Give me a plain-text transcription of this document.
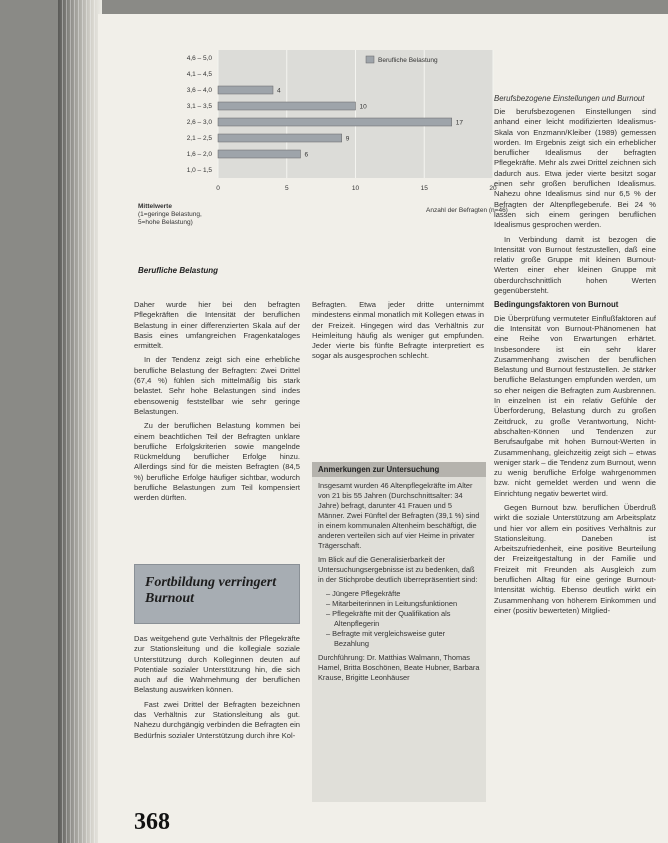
4
10
17
9
6
4,6 – 5,0
4,1 – 4,5
3,6 – 4,0
3,1 – 3,5
2,6 – 3,0
2,1 – 2,5
1,6 – 2,0
1,0 – 1,5
0	5	10	15	20
Berufliche Belastung
Mittelwerte
(1=geringe Belastung,
5=hohe Belastung)
Anzahl der Befragten (n=46)
Berufliche Belastung

Daher wurde hier bei den befragten Pflegekräften die Intensität der beruflichen Belastung in einer differenzierten Skala auf der Basis eines umfangreichen Fragenkataloges ermittelt.

In der Tendenz zeigt sich eine erhebliche berufliche Belastung der Befragten: Zwei Drittel (67,4 %) fühlen sich mittelmäßig bis stark belastet. Sehr hohe Belastungen sind indes ebensowenig feststellbar wie sehr geringe Belastungen.

Zu der beruflichen Belastung kommen bei einem beachtlichen Teil der Befragten unklare berufliche Erfolgskriterien sowie mangelnde Rückmeldung beruflicher Erfolge hinzu. Allerdings sind für die meisten Befragten (84,5 %) berufliche Erfolge häufiger sichtbar, wodurch berufliche Belastungen zum Teil kompensiert werden dürften.

Befragten. Etwa jeder dritte unternimmt mindestens einmal monatlich mit Kollegen etwas in der Freizeit. Hingegen wird das Verhältnis zur Heimleitung häufig als weniger gut empfunden. Jeder vierte bis fünfte Befragte interpretiert es sogar als ausgesprochen schlecht.

Fortbildung verringert
Burnout

Das weitgehend gute Verhältnis der Pflegekräfte zur Stationsleitung und die kollegiale soziale Unterstützung durch Kolleginnen deuten auf Potentiale sozialer Unterstützung hin, die sich auch auf die Wahrnehmung der beruflichen Belastung auswirken können.

Fast zwei Drittel der Befragten bezeichnen das Verhältnis zur Stationsleitung als gut. Nahezu durchgängig verbinden die Befragten ein Bedürfnis sozialer Unterstützung durch ihre Kol-

Anmerkungen zur Untersuchung

Insgesamt wurden 46 Altenpflegekräfte im Alter von 21 bis 55 Jahren (Durchschnittsalter: 34 Jahre) befragt, darunter 41 Frauen und 5 Männer. Zwei Fünftel der Befragten (39,1 %) sind in einem kommunalen Altenheim beschäftigt, die anderen verteilen sich auf vier Heime in privater Trägerschaft.

Im Blick auf die Generalisierbarkeit der Untersuchungsergebnisse ist zu bedenken, daß in der Stichprobe deutlich überrepräsentiert sind:

– Jüngere Pflegekräfte
– Mitarbeiterinnen in Leitungsfunktionen
– Pflegekräfte mit der Qualifikation als Altenpflegerin
– Befragte mit vergleichsweise guter Bezahlung

Durchführung: Dr. Matthias Walmann, Thomas Hamel, Britta Boschönen, Beate Hubner, Barbara Krause, Brigitte Leonhäuser

Berufsbezogene Einstellungen und Burnout

Die berufsbezogenen Einstellungen sind anhand einer leicht modifizierten Idealismus-Skala von Enzmann/Kleiber (1989) gemessen worden. Im Ergebnis zeigt sich ein erheblicher beruflicher Idealismus der befragten Pflegekräfte. Mehr als zwei Drittel zeichnen sich dadurch aus. Etwa jeder vierte besitzt sogar einen sehr großen beruflichen Idealismus. Nahezu ohne Idealismus sind nur 6,5 % der Befragten der Altenpflegeberufe. Bei 24 % lassen sich einem geringen beruflichen Idealismus gesprochen werden.

In Verbindung damit ist bezogen die Intensität von Burnout festzustellen, daß eine relativ große Gruppe mit kleinen Burnout-Werten einer eher kleinen Gruppe mit überdurchschnittlich hohen Werten gegenübersteht.

Bedingungsfaktoren von Burnout

Die Überprüfung vermuteter Einflußfaktoren auf die Intensität von Burnout-Phänomenen hat eine Reihe von Erwartungen erhärtet. Insbesondere ist ein sehr klarer Zusammenhang zwischen der beruflichen Belastung und Burnout festzustellen. Je stärker berufliche Belastungen empfunden werden, um so eher neigen die Befragten zum Ausbrennen. In einzelnen ist ein relativ Gefühle der Überforderung, Belastung durch zu großen Zeitdruck, zu große Verantwortung, Nicht-abschalten-Können und Tendenzen zur Berufsaufgabe mit hohen Burnout-Werten in Zusammenhang, gleichzeitig zeigt sich – etwas weniger stark – die Tendenz zum Burnout, wenn zu wenig berufliche Erfolge wahrgenommen bzw. nicht gemeldet werden und wenn die Einrichtung negativ bewertet wird.

Gegen Burnout bzw. beruflichen Überdruß wirkt die soziale Unterstützung am Arbeitsplatz und hier vor allem ein positives Verhältnis zur Stationsleitung. Daneben ist Arbeitszufriedenheit, eine positive Beurteilung der Freizeitgestaltung in der Familie und Freizeit mit Freunden als Ausgleich zum beruflichen Alltag für eine geringe Burnout-Intensität wichtig. Ebenso deutlich wirkt ein Zusammenhang von höherem Einkommen und einer (positiv bewerteten) Mitglied-

368
